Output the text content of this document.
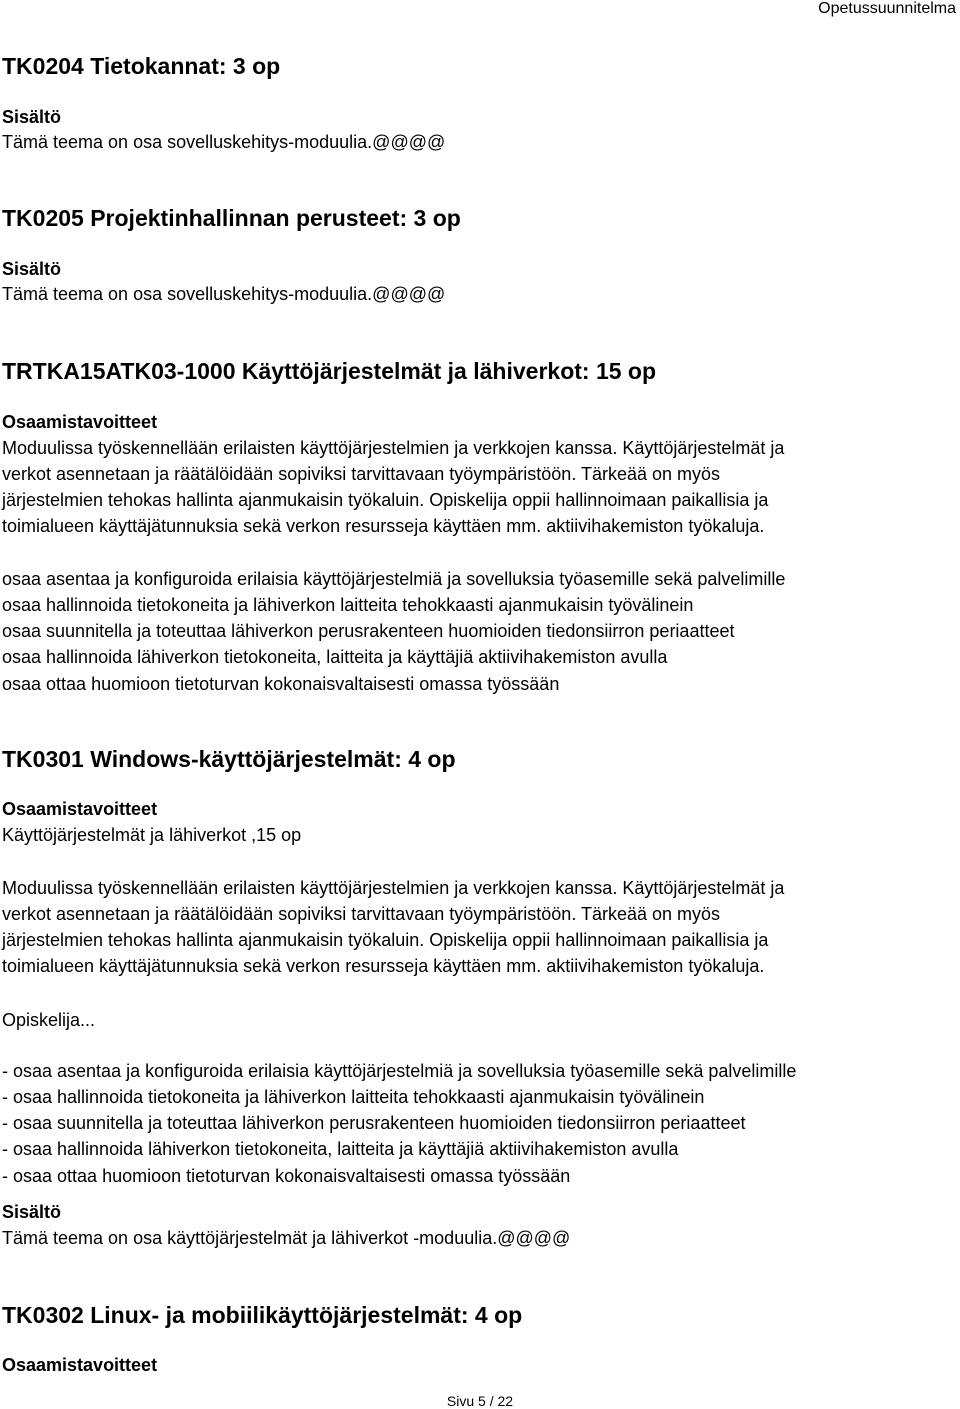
Opetussuunnitelma
TK0204 Tietokannat: 3 op
Sisältö
Tämä teema on osa sovelluskehitys-moduulia.@@@@
TK0205 Projektinhallinnan perusteet: 3 op
Sisältö
Tämä teema on osa sovelluskehitys-moduulia.@@@@
TRTKA15ATK03-1000 Käyttöjärjestelmät ja lähiverkot: 15 op
Osaamistavoitteet
Moduulissa työskennellään erilaisten käyttöjärjestelmien ja verkkojen kanssa. Käyttöjärjestelmät ja
verkot asennetaan ja räätälöidään sopiviksi tarvittavaan työympäristöön. Tärkeää on myös
järjestelmien tehokas hallinta ajanmukaisin työkaluin. Opiskelija oppii hallinnoimaan paikallisia ja
toimialueen käyttäjätunnuksia sekä verkon resursseja käyttäen mm. aktiivihakemiston työkaluja.
osaa asentaa ja konfiguroida erilaisia käyttöjärjestelmiä ja sovelluksia työasemille sekä palvelimille
osaa hallinnoida tietokoneita ja lähiverkon laitteita tehokkaasti ajanmukaisin työvälinein
osaa suunnitella ja toteuttaa lähiverkon perusrakenteen huomioiden tiedonsiirron periaatteet
osaa hallinnoida lähiverkon tietokoneita, laitteita ja käyttäjiä aktiivihakemiston avulla
osaa ottaa huomioon tietoturvan kokonaisvaltaisesti omassa työssään
TK0301 Windows-käyttöjärjestelmät: 4 op
Osaamistavoitteet
Käyttöjärjestelmät ja lähiverkot ,15 op
Moduulissa työskennellään erilaisten käyttöjärjestelmien ja verkkojen kanssa. Käyttöjärjestelmät ja
verkot asennetaan ja räätälöidään sopiviksi tarvittavaan työympäristöön. Tärkeää on myös
järjestelmien tehokas hallinta ajanmukaisin työkaluin. Opiskelija oppii hallinnoimaan paikallisia ja
toimialueen käyttäjätunnuksia sekä verkon resursseja käyttäen mm. aktiivihakemiston työkaluja.
Opiskelija...
- osaa asentaa ja konfiguroida erilaisia käyttöjärjestelmiä ja sovelluksia työasemille sekä palvelimille
- osaa hallinnoida tietokoneita ja lähiverkon laitteita tehokkaasti ajanmukaisin työvälinein
- osaa suunnitella ja toteuttaa lähiverkon perusrakenteen huomioiden tiedonsiirron periaatteet
- osaa hallinnoida lähiverkon tietokoneita, laitteita ja käyttäjiä aktiivihakemiston avulla
- osaa ottaa huomioon tietoturvan kokonaisvaltaisesti omassa työssään
Sisältö
Tämä teema on osa käyttöjärjestelmät ja lähiverkot -moduulia.@@@@
TK0302 Linux- ja mobiilikäyttöjärjestelmät: 4 op
Osaamistavoitteet
Sivu 5 / 22
